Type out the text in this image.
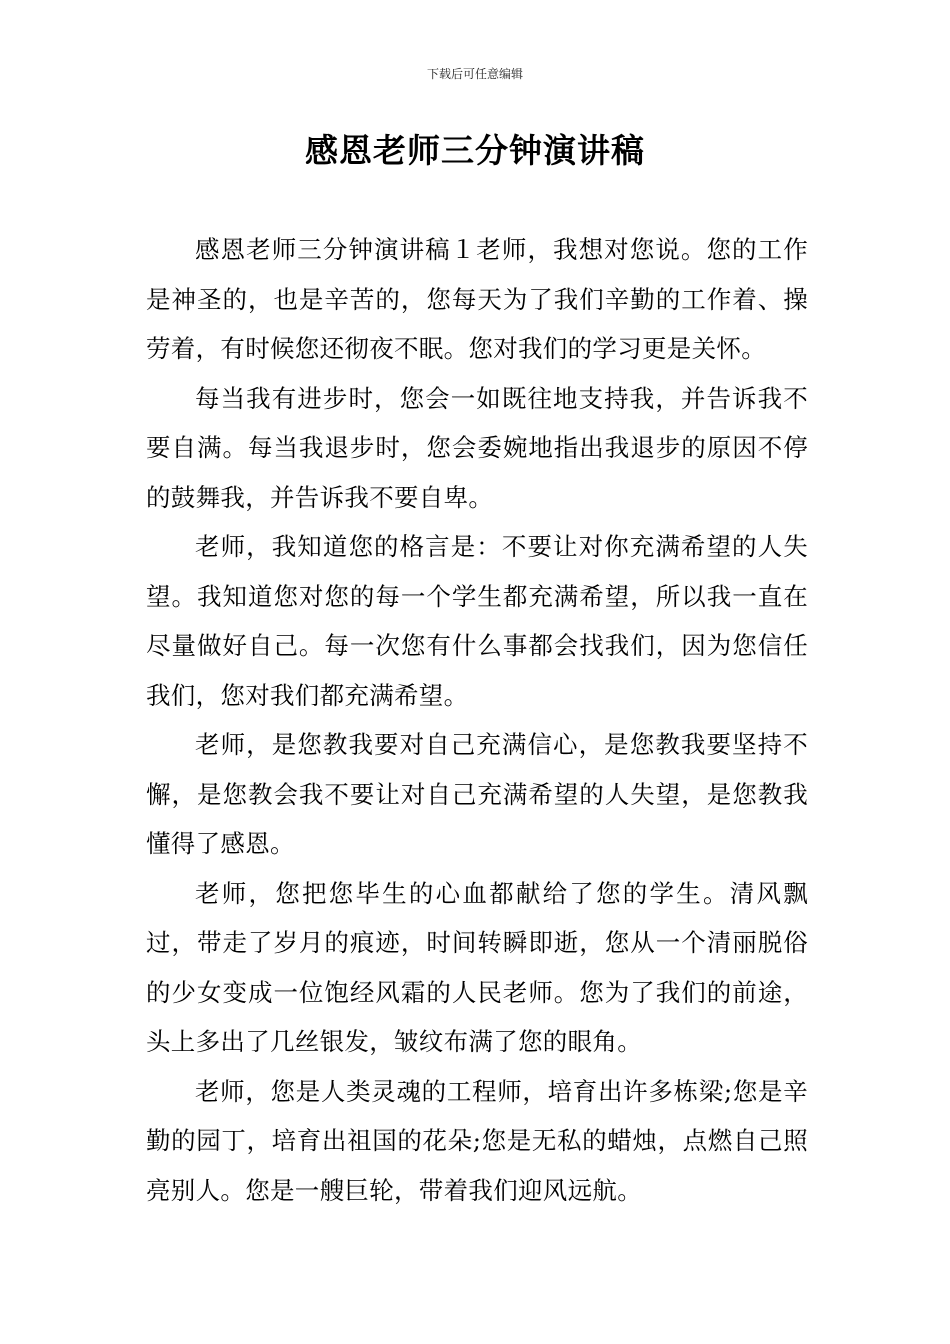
下载后可任意编辑
感恩老师三分钟演讲稿

感恩老师三分钟演讲稿１老师，我想对您说。您的工作是神圣的，也是辛苦的，您每天为了我们辛勤的工作着、操劳着，有时候您还彻夜不眠。您对我们的学习更是关怀。

每当我有进步时，您会一如既往地支持我，并告诉我不要自满。每当我退步时，您会委婉地指出我退步的原因不停的鼓舞我，并告诉我不要自卑。

老师，我知道您的格言是：不要让对你充满希望的人失望。我知道您对您的每一个学生都充满希望，所以我一直在尽量做好自己。每一次您有什么事都会找我们，因为您信任我们，您对我们都充满希望。

老师，是您教我要对自己充满信心，是您教我要坚持不懈，是您教会我不要让对自己充满希望的人失望，是您教我懂得了感恩。

老师，您把您毕生的心血都献给了您的学生。清风飘过，带走了岁月的痕迹，时间转瞬即逝，您从一个清丽脱俗的少女变成一位饱经风霜的人民老师。您为了我们的前途，头上多出了几丝银发，皱纹布满了您的眼角。

老师，您是人类灵魂的工程师，培育出许多栋梁;您是辛勤的园丁，培育出祖国的花朵;您是无私的蜡烛，点燃自己照亮别人。您是一艘巨轮，带着我们迎风远航。
